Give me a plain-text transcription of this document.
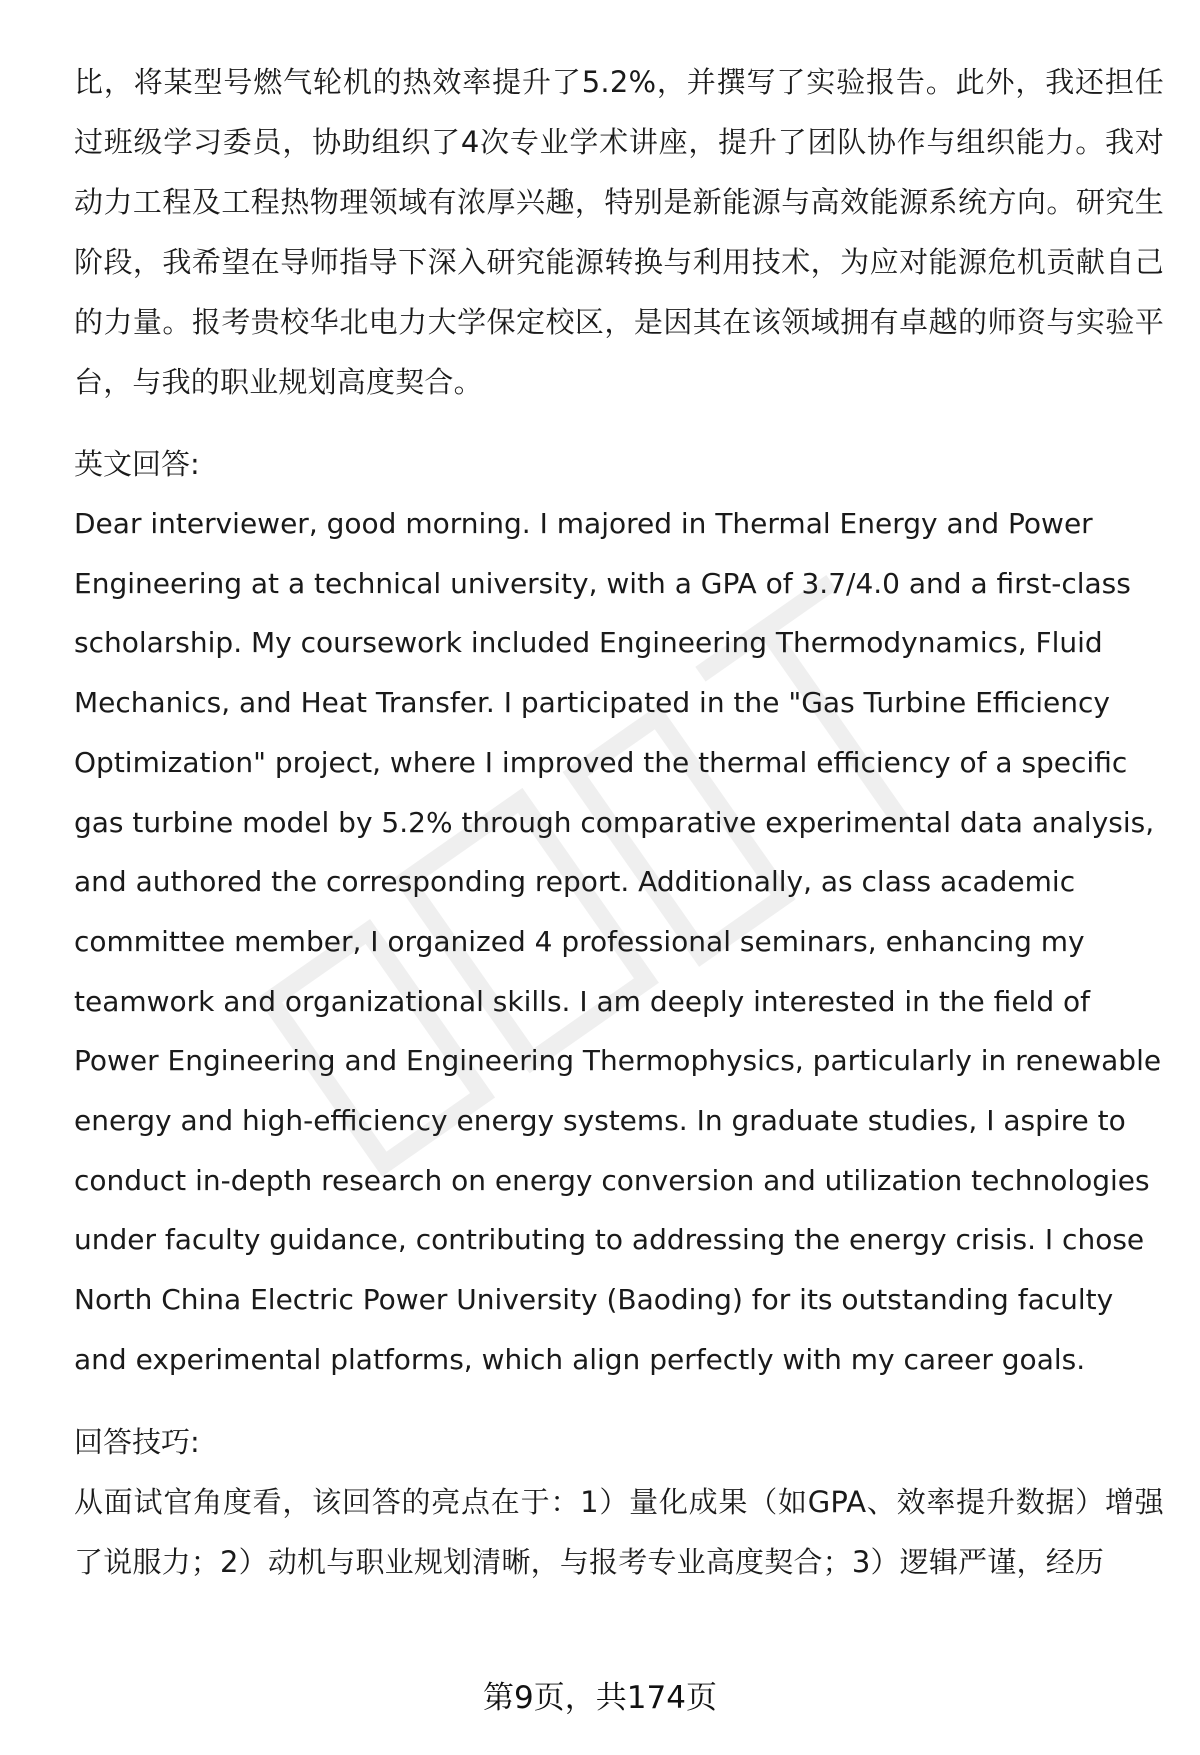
比，将某型号燃气轮机的热效率提升了5.2%，并撰写了实验报告。此外，我还担任过班级学习委员，协助组织了4次专业学术讲座，提升了团队协作与组织能力。我对动力工程及工程热物理领域有浓厚兴趣，特别是新能源与高效能源系统方向。研究生阶段，我希望在导师指导下深入研究能源转换与利用技术，为应对能源危机贡献自己的力量。报考贵校华北电力大学保定校区，是因其在该领域拥有卓越的师资与实验平台，与我的职业规划高度契合。

英文回答:

Dear interviewer, good morning. I majored in Thermal Energy and Power Engineering at a technical university, with a GPA of 3.7/4.0 and a first-class scholarship. My coursework included Engineering Thermodynamics, Fluid Mechanics, and Heat Transfer. I participated in the "Gas Turbine Efficiency Optimization" project, where I improved the thermal efficiency of a specific gas turbine model by 5.2% through comparative experimental data analysis, and authored the corresponding report. Additionally, as class academic committee member, I organized 4 professional seminars, enhancing my teamwork and organizational skills. I am deeply interested in the field of Power Engineering and Engineering Thermophysics, particularly in renewable energy and high-efficiency energy systems. In graduate studies, I aspire to conduct in-depth research on energy conversion and utilization technologies under faculty guidance, contributing to addressing the energy crisis. I chose North China Electric Power University (Baoding) for its outstanding faculty and experimental platforms, which align perfectly with my career goals.

回答技巧:

从面试官角度看，该回答的亮点在于：1）量化成果（如GPA、效率提升数据）增强了说服力；2）动机与职业规划清晰，与报考专业高度契合；3）逻辑严谨，经历

第9页，共174页
